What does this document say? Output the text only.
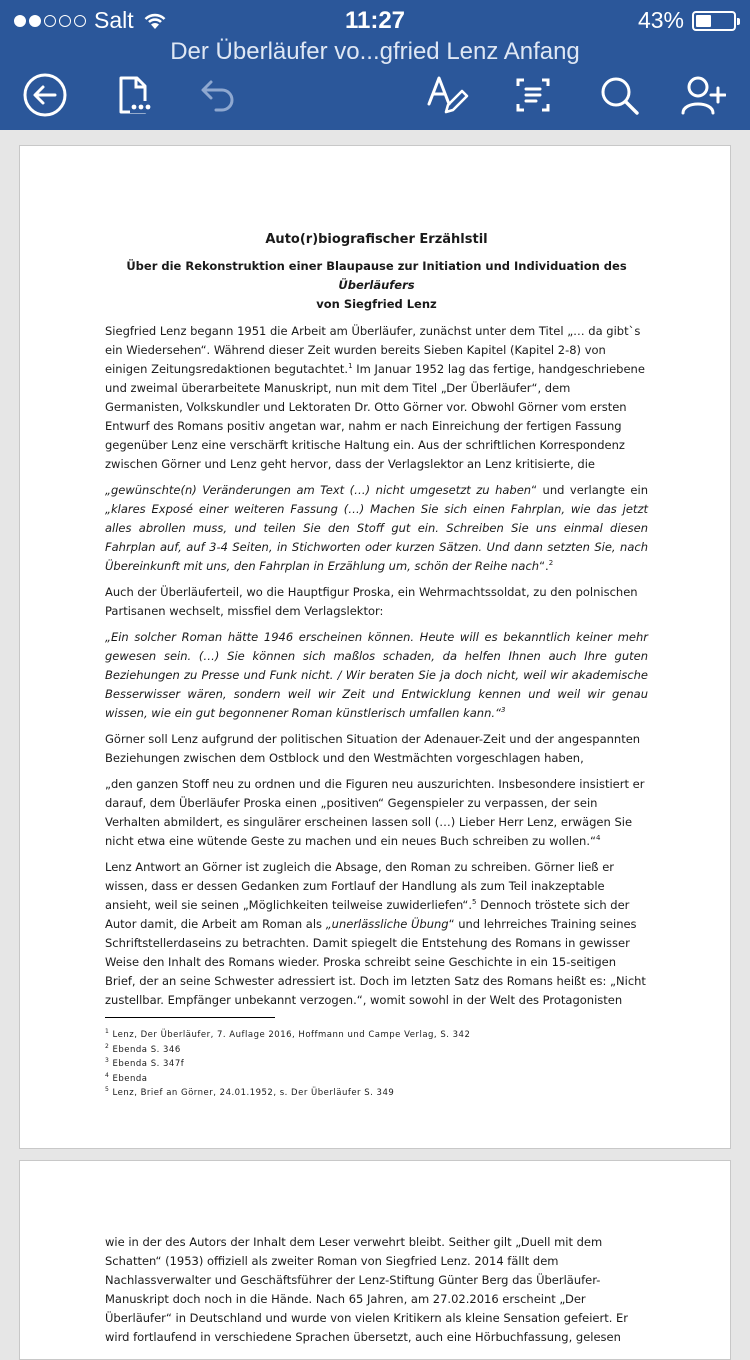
Salt	11:27	43%
Der Überläufer vo...gfried Lenz Anfang

Auto(r)biografischer Erzählstil

Über die Rekonstruktion einer Blaupause zur Initiation und Individuation des Überläufers
von Siegfried Lenz

Siegfried Lenz begann 1951 die Arbeit am Überläufer, zunächst unter dem Titel „… da gibt`s ein Wiedersehen“. Während dieser Zeit wurden bereits Sieben Kapitel (Kapitel 2-8) von einigen Zeitungsredaktionen begutachtet.$^1$ Im Januar 1952 lag das fertige, handgeschriebene und zweimal überarbeitete Manuskript, nun mit dem Titel „Der Überläufer“, dem Germanisten, Volkskundler und Lektoraten Dr. Otto Görner vor. Obwohl Görner vom ersten Entwurf des Romans positiv angetan war, nahm er nach Einreichung der fertigen Fassung gegenüber Lenz eine verschärft kritische Haltung ein. Aus der schriftlichen Korrespondenz zwischen Görner und Lenz geht hervor, dass der Verlagslektor an Lenz kritisierte, die

„gewünschte(n) Veränderungen am Text (…) nicht umgesetzt zu haben“ und verlangte ein „klares Exposé einer weiteren Fassung (…) Machen Sie sich einen Fahrplan, wie das jetzt alles abrollen muss, und teilen Sie den Stoff gut ein. Schreiben Sie uns einmal diesen Fahrplan auf, auf 3-4 Seiten, in Stichworten oder kurzen Sätzen. Und dann setzten Sie, nach Übereinkunft mit uns, den Fahrplan in Erzählung um, schön der Reihe nach“.$^2$

Auch der Überläuferteil, wo die Hauptfigur Proska, ein Wehrmachtssoldat, zu den polnischen Partisanen wechselt, missfiel dem Verlagslektor:

„Ein solcher Roman hätte 1946 erscheinen können. Heute will es bekanntlich keiner mehr gewesen sein. (…) Sie können sich maßlos schaden, da helfen Ihnen auch Ihre guten Beziehungen zu Presse und Funk nicht. / Wir beraten Sie ja doch nicht, weil wir akademische Besserwisser wären, sondern weil wir Zeit und Entwicklung kennen und weil wir genau wissen, wie ein gut begonnener Roman künstlerisch umfallen kann.“$^3$

Görner soll Lenz aufgrund der politischen Situation der Adenauer-Zeit und der angespannten Beziehungen zwischen dem Ostblock und den Westmächten vorgeschlagen haben,

„den ganzen Stoff neu zu ordnen und die Figuren neu auszurichten. Insbesondere insistiert er darauf, dem Überläufer Proska einen „positiven“ Gegenspieler zu verpassen, der sein Verhalten abmildert, es singulärer erscheinen lassen soll (…) Lieber Herr Lenz, erwägen Sie nicht etwa eine wütende Geste zu machen und ein neues Buch schreiben zu wollen.“$^4$

Lenz Antwort an Görner ist zugleich die Absage, den Roman zu schreiben. Görner ließ er wissen, dass er dessen Gedanken zum Fortlauf der Handlung als zum Teil inakzeptable ansieht, weil sie seinen „Möglichkeiten teilweise zuwiderliefen“.$^5$ Dennoch tröstete sich der Autor damit, die Arbeit am Roman als „unerlässliche Übung“ und lehrreiches Training seines Schriftstellerdaseins zu betrachten. Damit spiegelt die Entstehung des Romans in gewisser Weise den Inhalt des Romans wieder. Proska schreibt seine Geschichte in ein 15-seitigen Brief, der an seine Schwester adressiert ist. Doch im letzten Satz des Romans heißt es: „Nicht zustellbar. Empfänger unbekannt verzogen.“, womit sowohl in der Welt des Protagonisten

$^1$ Lenz, Der Überläufer, 7. Auflage 2016, Hoffmann und Campe Verlag, S. 342
$^2$ Ebenda S. 346
$^3$ Ebenda S. 347f
$^4$ Ebenda
$^5$ Lenz, Brief an Görner, 24.01.1952, s. Der Überläufer S. 349

wie in der des Autors der Inhalt dem Leser verwehrt bleibt. Seither gilt „Duell mit dem Schatten“ (1953) offiziell als zweiter Roman von Siegfried Lenz. 2014 fällt dem Nachlassverwalter und Geschäftsführer der Lenz-Stiftung Günter Berg das Überläufer-Manuskript doch noch in die Hände. Nach 65 Jahren, am 27.02.2016 erscheint „Der Überläufer“ in Deutschland und wurde von vielen Kritikern als kleine Sensation gefeiert. Er wird fortlaufend in verschiedene Sprachen übersetzt, auch eine Hörbuchfassung, gelesen
